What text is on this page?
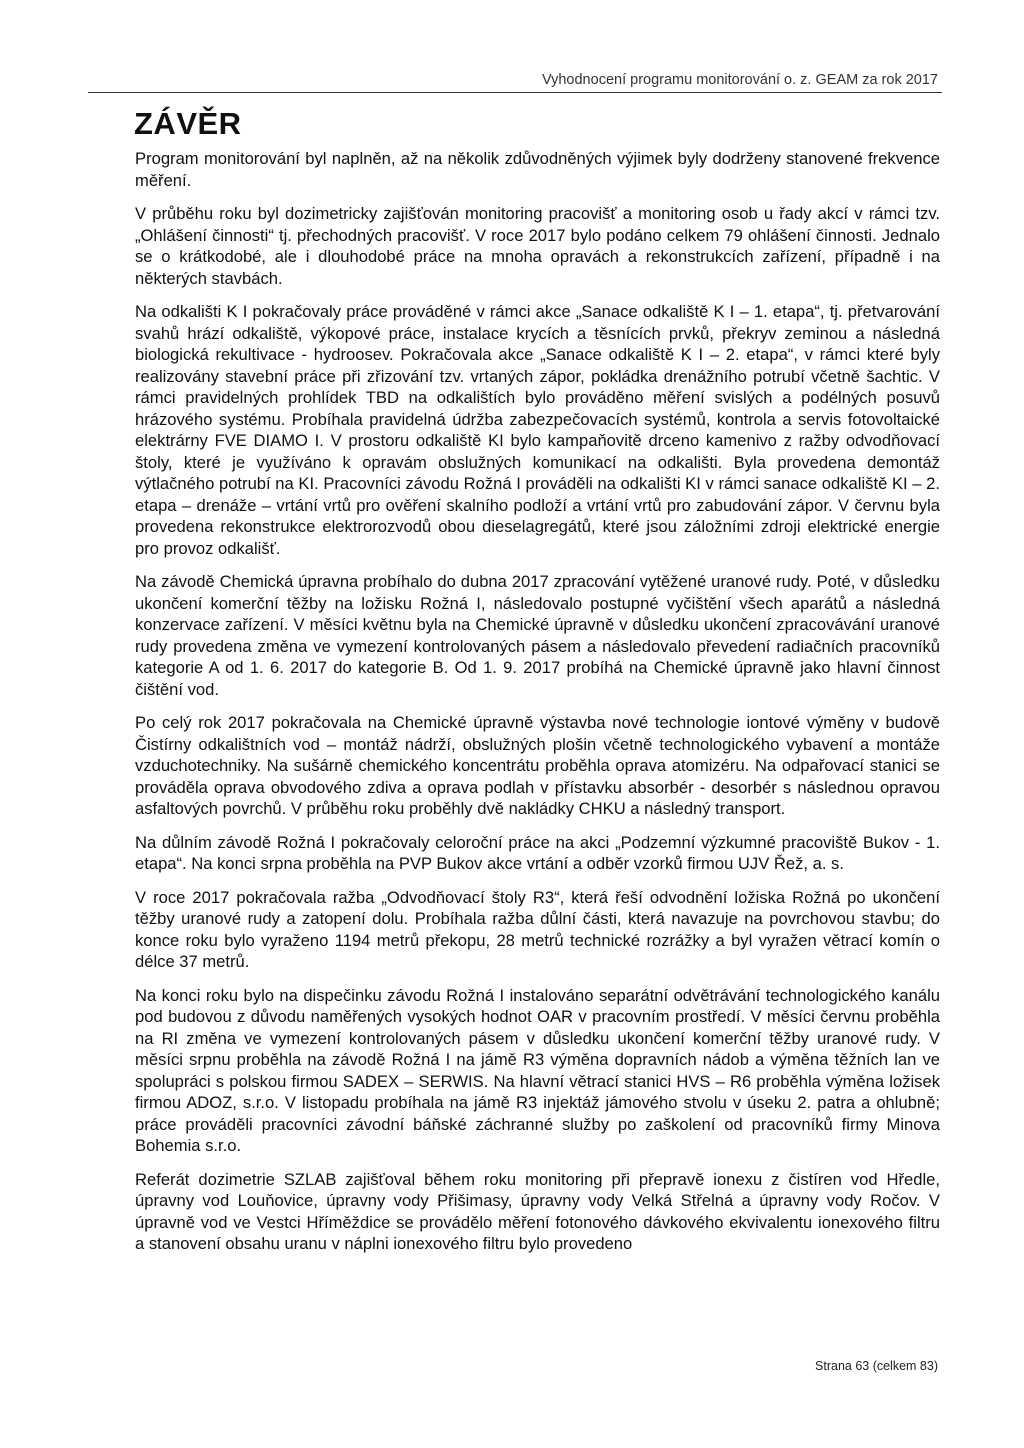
Vyhodnocení programu monitorování o. z. GEAM za rok 2017
ZÁVĚR

Program monitorování byl naplněn, až na několik zdůvodněných výjimek byly dodrženy stanovené frekvence měření.

V průběhu roku byl dozimetricky zajišťován monitoring pracovišť a monitoring osob u řady akcí v rámci tzv. „Ohlášení činnosti“ tj. přechodných pracovišť. V roce 2017 bylo podáno celkem 79 ohlášení činnosti. Jednalo se o krátkodobé, ale i dlouhodobé práce na mnoha opravách a rekonstrukcích zařízení, případně i na některých stavbách.

Na odkališti K I pokračovaly práce prováděné v rámci akce „Sanace odkaliště K I – 1. etapa“, tj. přetvarování svahů hrází odkaliště, výkopové práce, instalace krycích a těsnících prvků, překryv zeminou a následná biologická rekultivace - hydroosev. Pokračovala akce „Sanace odkaliště K I – 2. etapa“, v rámci které byly realizovány stavební práce při zřizování tzv. vrtaných zápor, pokládka drenážního potrubí včetně šachtic. V rámci pravidelných prohlídek TBD na odkalištích bylo prováděno měření svislých a podélných posuvů hrázového systému. Probíhala pravidelná údržba zabezpečovacích systémů, kontrola a servis fotovoltaické elektrárny FVE DIAMO I. V prostoru odkaliště KI bylo kampaňovitě drceno kamenivo z ražby odvodňovací štoly, které je využíváno k opravám obslužných komunikací na odkališti. Byla provedena demontáž výtlačného potrubí na KI. Pracovníci závodu Rožná I prováděli na odkališti KI v rámci sanace odkaliště KI – 2. etapa – drenáže – vrtání vrtů pro ověření skalního podloží a vrtání vrtů pro zabudování zápor. V červnu byla provedena rekonstrukce elektrorozvodů obou dieselagregátů, které jsou záložními zdroji elektrické energie pro provoz odkališť.

Na závodě Chemická úpravna probíhalo do dubna 2017 zpracování vytěžené uranové rudy. Poté, v důsledku ukončení komerční těžby na ložisku Rožná I, následovalo postupné vyčištění všech aparátů a následná konzervace zařízení. V měsíci květnu byla na Chemické úpravně v důsledku ukončení zpracovávání uranové rudy provedena změna ve vymezení kontrolovaných pásem a následovalo převedení radiačních pracovníků kategorie A od 1. 6. 2017 do kategorie B. Od 1. 9. 2017 probíhá na Chemické úpravně jako hlavní činnost čištění vod.

Po celý rok 2017 pokračovala na Chemické úpravně výstavba nové technologie iontové výměny v budově Čistírny odkalištních vod – montáž nádrží, obslužných plošin včetně technologického vybavení a montáže vzduchotechniky. Na sušárně chemického koncentrátu proběhla oprava atomizéru. Na odpařovací stanici se prováděla oprava obvodového zdiva a oprava podlah v přístavku absorbér - desorbér s následnou opravou asfaltových povrchů. V průběhu roku proběhly dvě nakládky CHKU a následný transport.

Na důlním závodě Rožná I pokračovaly celoroční práce na akci „Podzemní výzkumné pracoviště Bukov - 1. etapa“. Na konci srpna proběhla na PVP Bukov akce vrtání a odběr vzorků firmou UJV Řež, a. s.

V roce 2017 pokračovala ražba „Odvodňovací štoly R3“, která řeší odvodnění ložiska Rožná po ukončení těžby uranové rudy a zatopení dolu. Probíhala ražba důlní části, která navazuje na povrchovou stavbu; do konce roku bylo vyraženo 1194 metrů překopu, 28 metrů technické rozrážky a byl vyražen větrací komín o délce 37 metrů.

Na konci roku bylo na dispečinku závodu Rožná I instalováno separátní odvětrávání technologického kanálu pod budovou z důvodu naměřených vysokých hodnot OAR v pracovním prostředí. V měsíci červnu proběhla na RI změna ve vymezení kontrolovaných pásem v důsledku ukončení komerční těžby uranové rudy. V měsíci srpnu proběhla na závodě Rožná I na jámě R3 výměna dopravních nádob a výměna těžních lan ve spolupráci s polskou firmou SADEX – SERWIS. Na hlavní větrací stanici HVS – R6 proběhla výměna ložisek firmou ADOZ, s.r.o. V listopadu probíhala na jámě R3 injektáž jámového stvolu v úseku 2. patra a ohlubně; práce prováděli pracovníci závodní báňské záchranné služby po zaškolení od pracovníků firmy Minova Bohemia s.r.o.

Referát dozimetrie SZLAB zajišťoval během roku monitoring při přepravě ionexu z čistíren vod Hředle, úpravny vod Louňovice, úpravny vody Přišimasy, úpravny vody Velká Střelná a úpravny vody Ročov. V úpravně vod ve Vestci Hříměždice se provádělo měření fotonového dávkového ekvivalentu ionexového filtru a stanovení obsahu uranu v náplni ionexového filtru bylo provedeno

Strana 63 (celkem 83)
